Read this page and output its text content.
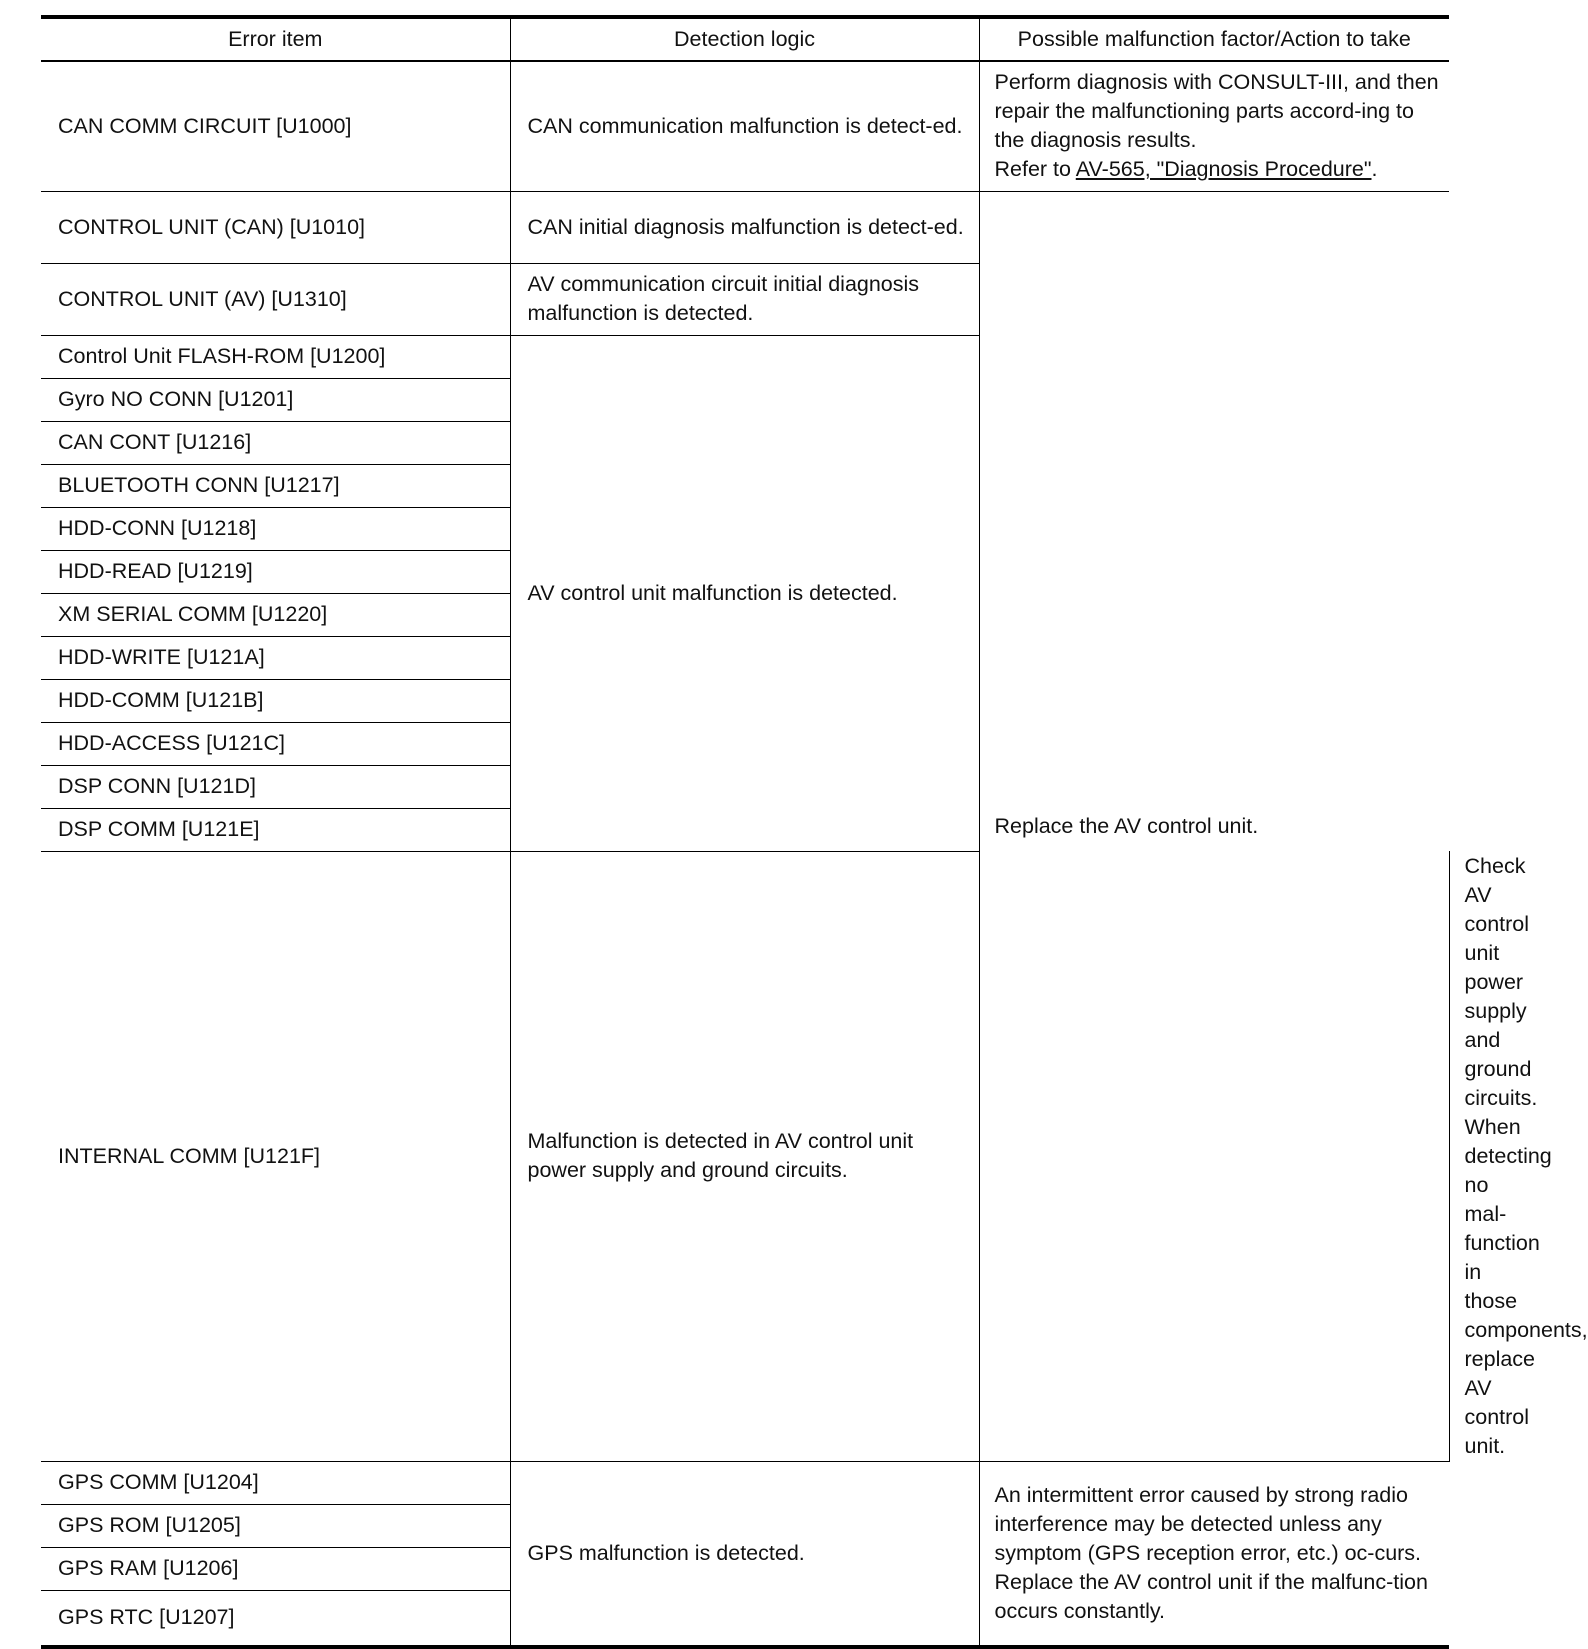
Error item	Detection logic	Possible malfunction factor/Action to take	
CAN COMM CIRCUIT [U1000]	CAN communication malfunction is detect-ed.	Perform diagnosis with CONSULT-III, and then repair the malfunctioning parts accord-ing to the diagnosis results.
Refer to AV-565, "Diagnosis Procedure".	

CONTROL UNIT (CAN) [U1010]	CAN initial diagnosis malfunction is detect-ed.	Replace the AV control unit.	
CONTROL UNIT (AV) [U1310]	AV communication circuit initial diagnosis malfunction is detected.		
Control Unit FLASH-ROM [U1200]	AV control unit malfunction is detected.		
Gyro NO CONN [U1201]			
CAN CONT [U1216]			
BLUETOOTH CONN [U1217]			
HDD-CONN [U1218]			
HDD-READ [U1219]			
XM SERIAL COMM [U1220]			
HDD-WRITE [U121A]			
HDD-COMM [U121B]			
HDD-ACCESS [U121C]			
DSP CONN [U121D]			
DSP COMM [U121E]			
INTERNAL COMM [U121F]	Malfunction is detected in AV control unit power supply and ground circuits.		Check AV control unit power supply and ground circuits. When detecting no mal-function in those components, replace AV control unit.
GPS COMM [U1204]	GPS malfunction is detected.	An intermittent error caused by strong radio interference may be detected unless any symptom (GPS reception error, etc.) oc-curs.
Replace the AV control unit if the malfunc-tion occurs constantly.	

GPS ROM [U1205]			
GPS RAM [U1206]			
GPS RTC [U1207]			
